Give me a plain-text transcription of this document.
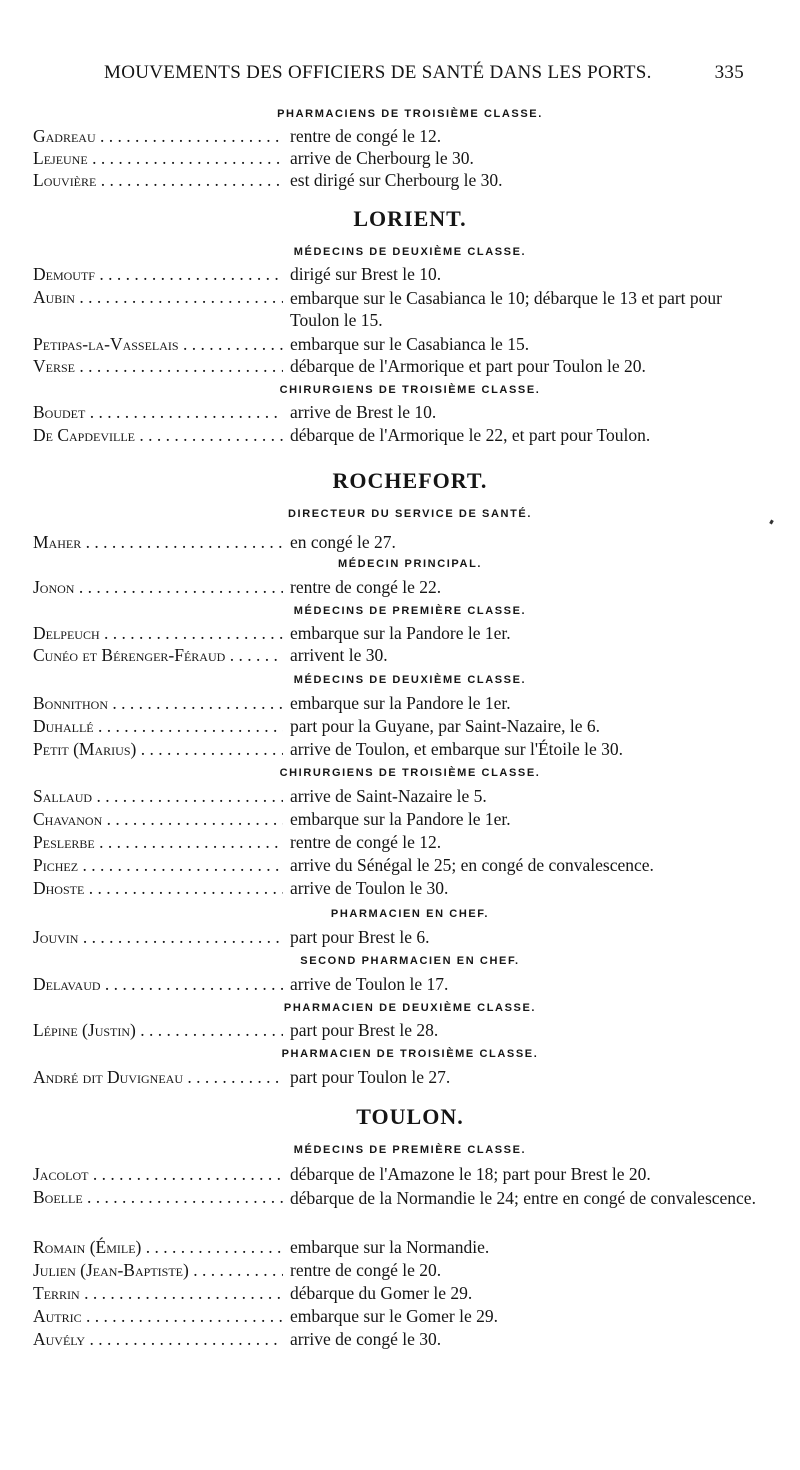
MOUVEMENTS DES OFFICIERS DE SANTÉ DANS LES PORTS.	335
PHARMACIENS DE TROISIÈME CLASSE.
Gadreau . . .	rentre de congé le 12.
Lejeune . . .	arrive de Cherbourg le 30.
Louvière . . .	est dirigé sur Cherbourg le 30.
LORIENT.
MÉDECINS DE DEUXIÈME CLASSE.
Demoutf . . .	dirigé sur Brest le 10.
Aubin . . .	embarque sur le Casabianca le 10; débarque le 13 et part pour Toulon le 15.
Petipas-la-Vasselais . . .	embarque sur le Casabianca le 15.
Verse . . .	débarque de l'Armorique et part pour Toulon le 20.
CHIRURGIENS DE TROISIÈME CLASSE.
Boudet . . .	arrive de Brest le 10.
De Capdeville . . .	débarque de l'Armorique le 22, et part pour Toulon.
ROCHEFORT.
DIRECTEUR DU SERVICE DE SANTÉ.
Maher . . .	en congé le 27.
MÉDECIN PRINCIPAL.
Jonon . . .	rentre de congé le 22.
MÉDECINS DE PREMIÈRE CLASSE.
Delpeuch . . .	embarque sur la Pandore le 1er.
Cunéo et Bérenger-Féraud . . .	arrivent le 30.
MÉDECINS DE DEUXIÈME CLASSE.
Bonnithon . . .	embarque sur la Pandore le 1er.
Duhallé . . .	part pour la Guyane, par Saint-Nazaire, le 6.
Petit (Marius) . . .	arrive de Toulon, et embarque sur l'Étoile le 30.
CHIRURGIENS DE TROISIÈME CLASSE.
Sallaud . . .	arrive de Saint-Nazaire le 5.
Chavanon . . .	embarque sur la Pandore le 1er.
Peslerbe . . .	rentre de congé le 12.
Pichez . . .	arrive du Sénégal le 25; en congé de convalescence.
Dhoste . . .	arrive de Toulon le 30.
PHARMACIEN EN CHEF.
Jouvin . . .	part pour Brest le 6.
SECOND PHARMACIEN EN CHEF.
Delavaud . . .	arrive de Toulon le 17.
PHARMACIEN DE DEUXIÈME CLASSE.
Lépine (Justin) . . .	part pour Brest le 28.
PHARMACIEN DE TROISIÈME CLASSE.
André dit Duvigneau . . .	part pour Toulon le 27.
TOULON.
MÉDECINS DE PREMIÈRE CLASSE.
Jacolot . . .	débarque de l'Amazone le 18; part pour Brest le 20.
Boelle . . .	débarque de la Normandie le 24; entre en congé de convalescence.
Romain (Émile) . . .	embarque sur la Normandie.
Julien (Jean-Baptiste) . . .	rentre de congé le 20.
Terrin . . .	débarque du Gomer le 29.
Autric . . .	embarque sur le Gomer le 29.
Auvély . . .	arrive de congé le 30.
